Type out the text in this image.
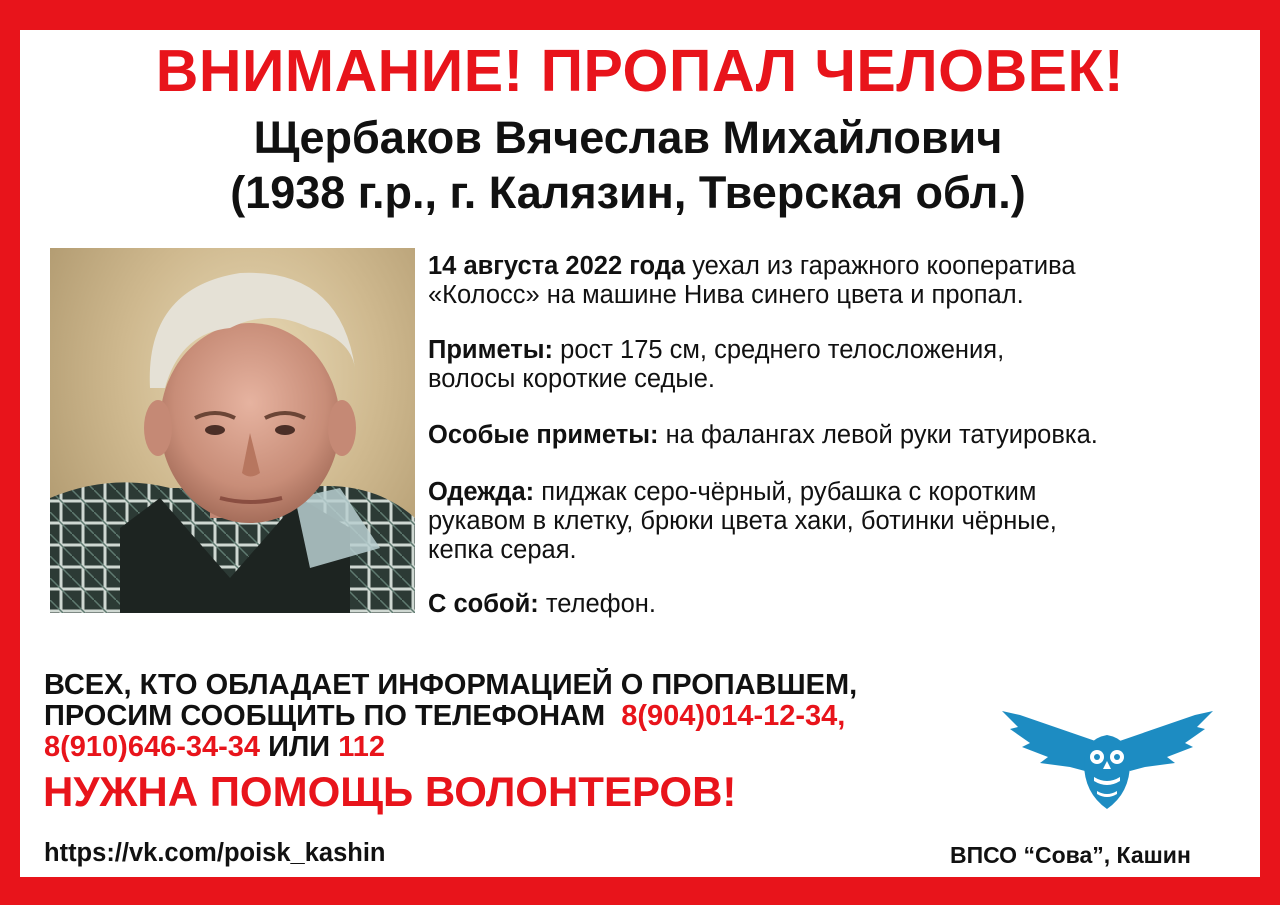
ВНИМАНИЕ! ПРОПАЛ ЧЕЛОВЕК!
Щербаков Вячеслав Михайлович
(1938 г.р., г. Калязин, Тверская обл.)
14 августа 2022 года уехал из гаражного кооператива
«Колосс» на машине Нива синего цвета и пропал.
Приметы: рост 175 см, среднего телосложения,
волосы короткие седые.
Особые приметы: на фалангах левой руки татуировка.
Одежда: пиджак серо-чёрный, рубашка с коротким
рукавом в клетку, брюки цвета хаки, ботинки чёрные,
кепка серая.
С собой: телефон.
ВСЕХ, КТО ОБЛАДАЕТ ИНФОРМАЦИЕЙ О ПРОПАВШЕМ,
ПРОСИМ СООБЩИТЬ ПО ТЕЛЕФОНАМ 8(904)014-12-34,
8(910)646-34-34 ИЛИ 112
НУЖНА ПОМОЩЬ ВОЛОНТЕРОВ!
https://vk.com/poisk_kashin	ВПСО “Сова”, Кашин
